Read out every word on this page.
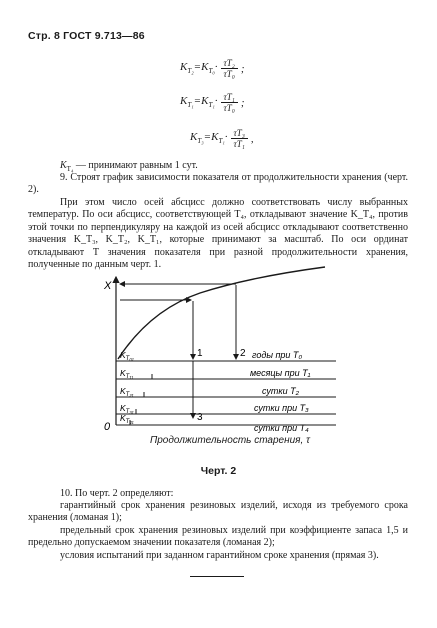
Стр. 8 ГОСТ 9.713—86
$K_{T_2}=K_{T_0}\cdot \frac{\text{τT₂}}{\text{τT₀}}$ ;
$K_{T_1}=K_{T_1}\cdot \frac{\text{τT₁}}{\text{τT₀}}$ ;
$K_{T_3}=K_{T_1}\cdot \frac{\text{τT₃}}{\text{τT₁}}$ ,
$K_{T_4}$ — принимают равным 1 сут.
9. Строят график зависимости показателя от продолжительности хранения (черт. 2).
При этом число осей абсцисс должно соответствовать числу выбранных температур. По оси абсцисс, соответствующей T₄, откладывают значение K_T₄, против этой точки по перпендикуляру на каждой из осей абсцисс откладывают соответственно значения K_T₃, K_T₂, K_T₁, которые принимают за масштаб. По оси ординат откладывают T значения показателя при разной продолжительности хранения, полученные по данным черт. 1.
X
0
1	2
3
$K_{T_{01}}$	годы при T₀
$K_{T_{11}}$	месяцы при T₁
$K_{T_{21}}$	сутки T₂
$K_{T_{31}}$	сутки при T₃
$K_{T_{41}}$
сутки при T₄
Продолжительность старения, τ
Черт. 2
10. По черт. 2 определяют:
гарантийный срок хранения резиновых изделий, исходя из требуемого срока хранения (ломаная 1);
предельный срок хранения резиновых изделий при коэффициенте запаса 1,5 и предельно допускаемом значении показателя (ломаная 2);
условия испытаний при заданном гарантийном сроке хранения (прямая 3).
